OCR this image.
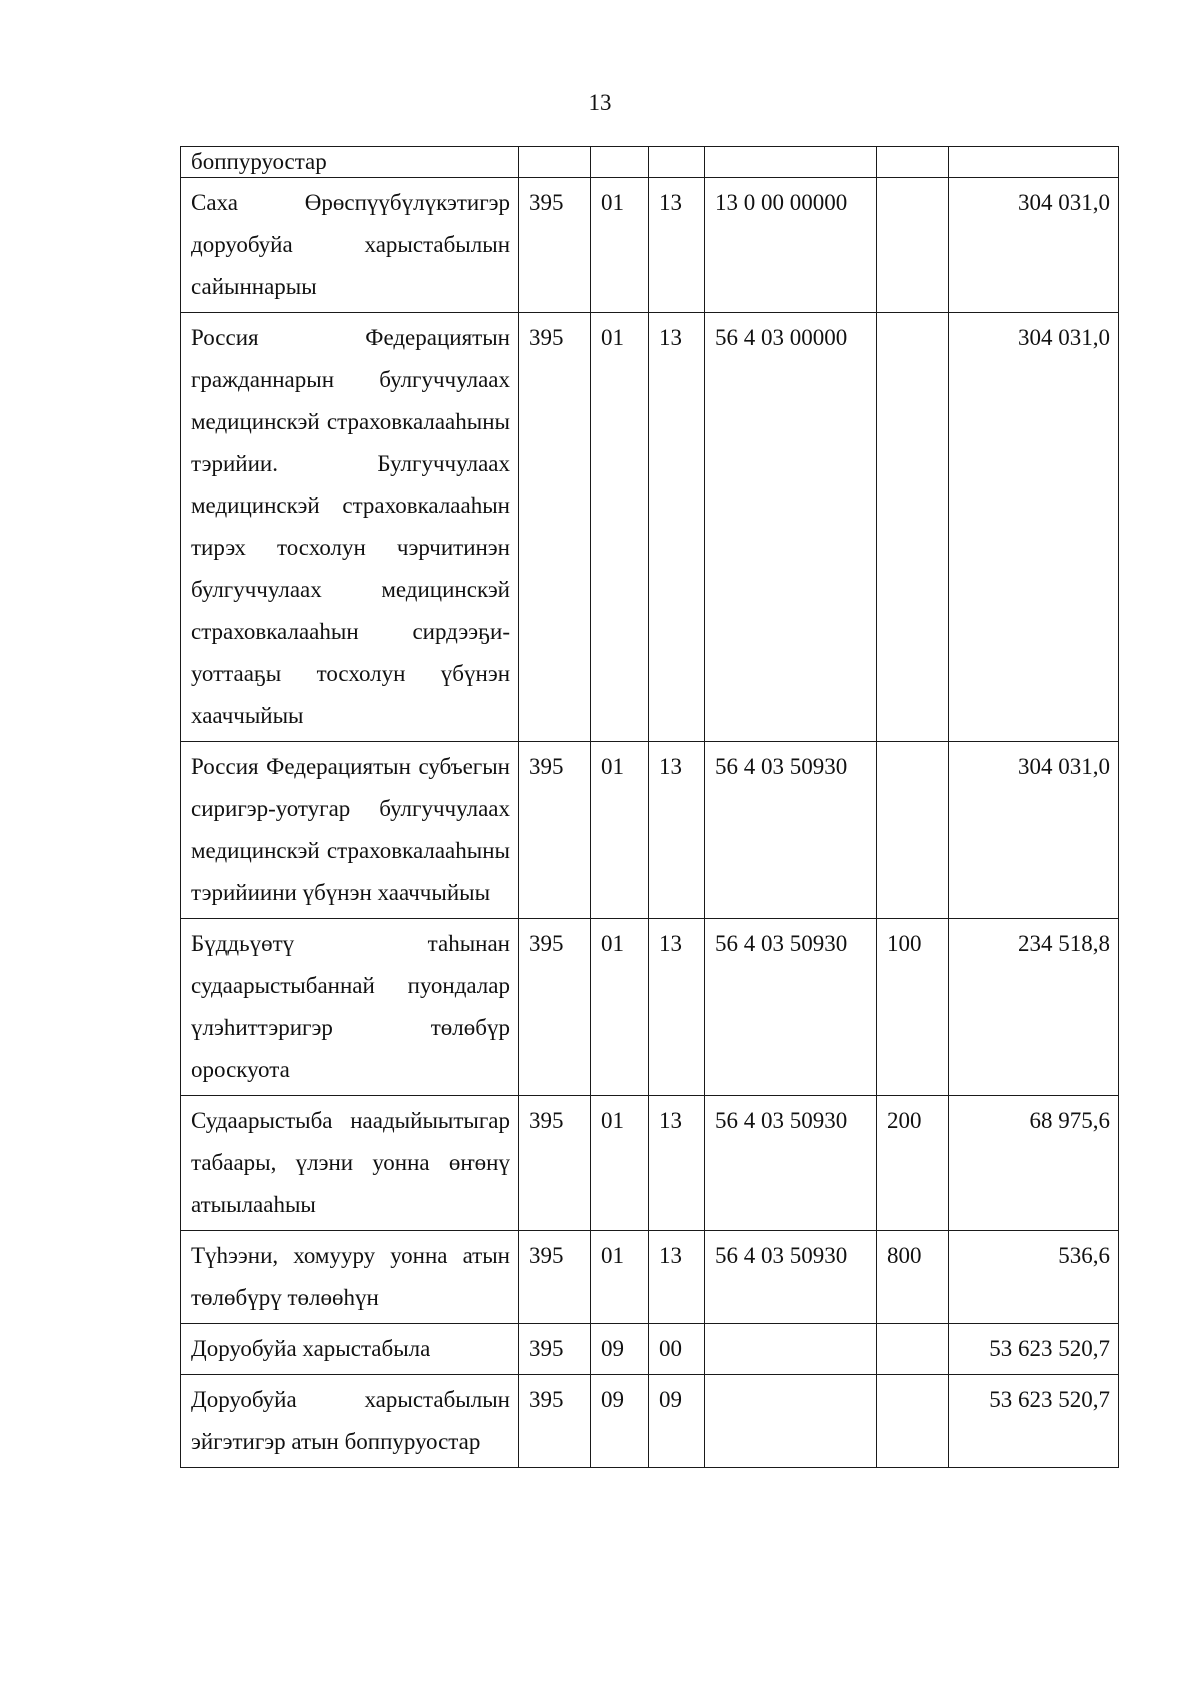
13
боппуруостар						
Саха Өрөспүүбүлүкэтигэр доруобуйа харыстабылын сайыннарыы	395	01	13	13 0 00 00000		304 031,0
Россия Федерациятын гражданнарын булгуччулаах медицинскэй страховкалааһыны тэрийии. Булгуччулаах медицинскэй страховкалааһын тирэх тосхолун чэрчитинэн булгуччулаах медицинскэй страховкалааһын сирдээҕи-уоттааҕы тосхолун үбүнэн хааччыйыы	395	01	13	56 4 03 00000		304 031,0
Россия Федерациятын субъегын сиригэр-уотугар булгуччулаах медицинскэй страховкалааһыны тэрийиини үбүнэн хааччыйыы	395	01	13	56 4 03 50930		304 031,0
Бүддьүөтү таһынан судаарыстыбаннай пуондалар үлэһиттэригэр төлөбүр ороскуота	395	01	13	56 4 03 50930	100	234 518,8
Судаарыстыба наадыйыытыгар табаары, үлэни уонна өҥөнү атыылааһыы	395	01	13	56 4 03 50930	200	68 975,6
Түһээни, хомууру уонна атын төлөбүрү төлөөһүн	395	01	13	56 4 03 50930	800	536,6
Доруобуйа харыстабыла	395	09	00			53 623 520,7
Доруобуйа харыстабылын эйгэтигэр атын боппуруостар	395	09	09			53 623 520,7
